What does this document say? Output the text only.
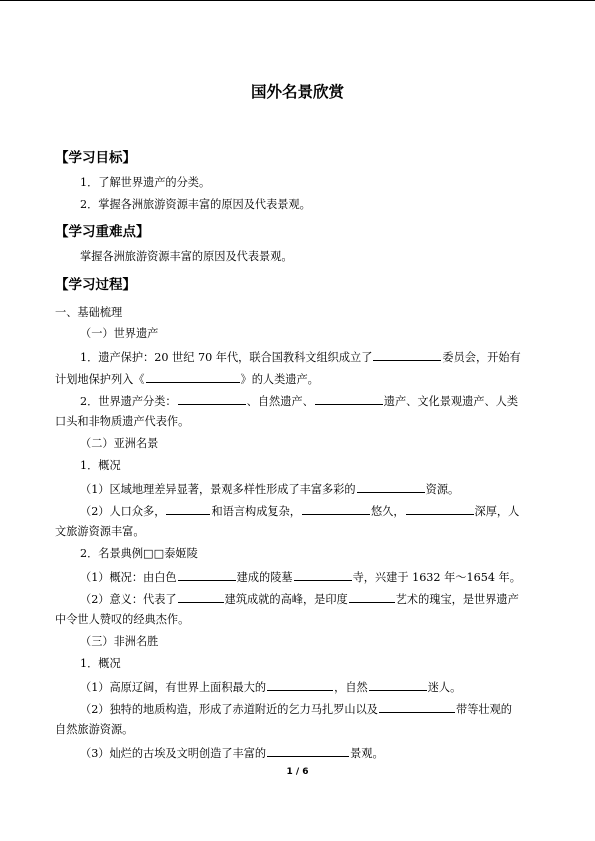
国外名景欣赏
【学习目标】
1．了解世界遗产的分类。
2．掌握各洲旅游资源丰富的原因及代表景观。
【学习重难点】
掌握各洲旅游资源丰富的原因及代表景观。
【学习过程】
一、基础梳理
（一）世界遗产
1．遗产保护：20 世纪 70 年代，联合国教科文组织成立了	委员会，开始有
计划地保护列入《	》的人类遗产。
2．世界遗产分类：	、自然遗产、	遗产、文化景观遗产、人类
口头和非物质遗产代表作。
（二）亚洲名景
1．概况
（1）区域地理差异显著，景观多样性形成了丰富多彩的	资源。
（2）人口众多，	和语言构成复杂，	悠久，	深厚，人
文旅游资源丰富。
2．名景典例□□泰姬陵
（1）概况：由白色	建成的陵墓	寺，兴建于 1632 年～1654 年。
（2）意义：代表了	建筑成就的高峰，是印度	艺术的瑰宝，是世界遗产
中令世人赞叹的经典杰作。
（三）非洲名胜
1．概况
（1）高原辽阔，有世界上面积最大的	，自然	迷人。
（2）独特的地质构造，形成了赤道附近的乞力马扎罗山以及	带等壮观的
自然旅游资源。
（3）灿烂的古埃及文明创造了丰富的	景观。
1 / 6
